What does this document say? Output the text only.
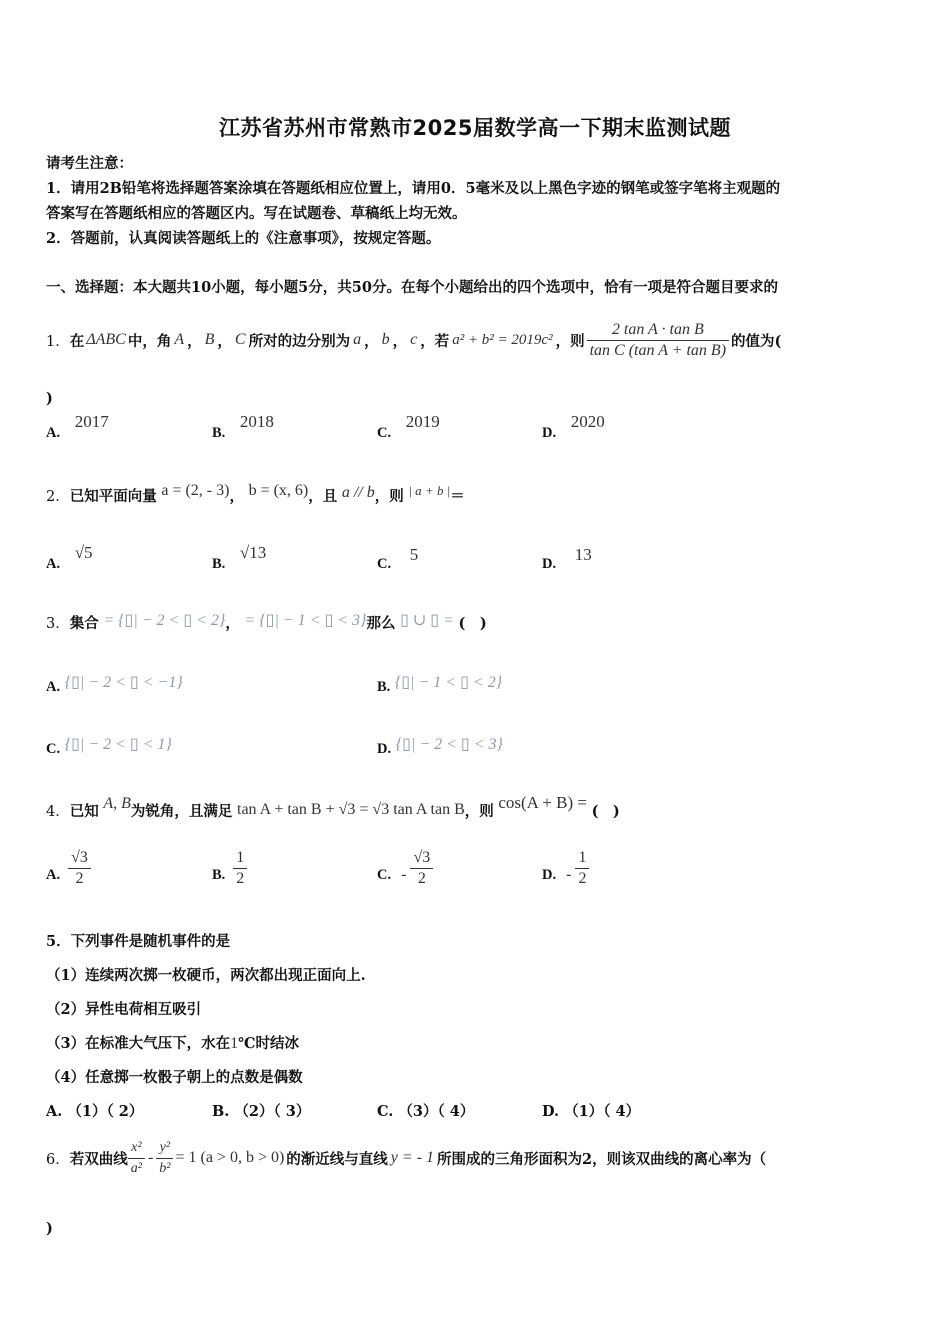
江苏省苏州市常熟市2025届数学高一下期末监测试题
请考生注意：
1．请用2B铅笔将选择题答案涂填在答题纸相应位置上，请用0．5毫米及以上黑色字迹的钢笔或签字笔将主观题的
答案写在答题纸相应的答题区内。写在试题卷、草稿纸上均无效。
2．答题前，认真阅读答题纸上的《注意事项》，按规定答题。
一、选择题：本大题共10小题，每小题5分，共50分。在每个小题给出的四个选项中，恰有一项是符合题目要求的
1． 在 ΔABC 中，角 A ， B ， C 所对的边分别为 a ， b ， c ，若 a² + b² = 2019c² ，则 $\frac{\text{2 tan A · tan B}}{\text{tan C (tan A + tan B)}}$ 的值为(
)
A. 2017
B. 2018
C. 2019
D. 2020
2．已知平面向量 a = (2, - 3)， b = (x, 6)，且 a // b，则 | a + b |＝
A. √5
B. √13
C. 5	D. 13
3．集合 = {▯| − 2 < ▯ < 2}， = {▯| − 1 < ▯ < 3}那么 ▯ ∪ ▯ = (　)
A. {▯| − 2 < ▯ < −1}	B. {▯| − 1 < ▯ < 2}
C. {▯| − 2 < ▯ < 1}	D. {▯| − 2 < ▯ < 3}
4．已知 A, B为锐角，且满足 tan A + tan B + √3 = √3 tan A tan B，则 cos(A + B) = (　)
A. $\frac{√3}{2}$	B. $\frac{1}{2}$	C. - $\frac{√3}{2}$	D. - $\frac{1}{2}$
5．下列事件是随机事件的是
（1）连续两次掷一枚硬币，两次都出现正面向上.
（2）异性电荷相互吸引
（3）在标准大气压下，水在1℃时结冰
（4）任意掷一枚骰子朝上的点数是偶数
A. （1）（ 2）	B. （2）（ 3）	C. （3）（ 4）	D. （1）（ 4）
6． 若双曲线 $\frac{\text{x²}}{\text{a²}} - \frac{\text{y²}}{\text{b²}} = 1$ (a > 0, b > 0) 的渐近线与直线 y = - 1 所围成的三角形面积为2，则该双曲线的离心率为（
)
